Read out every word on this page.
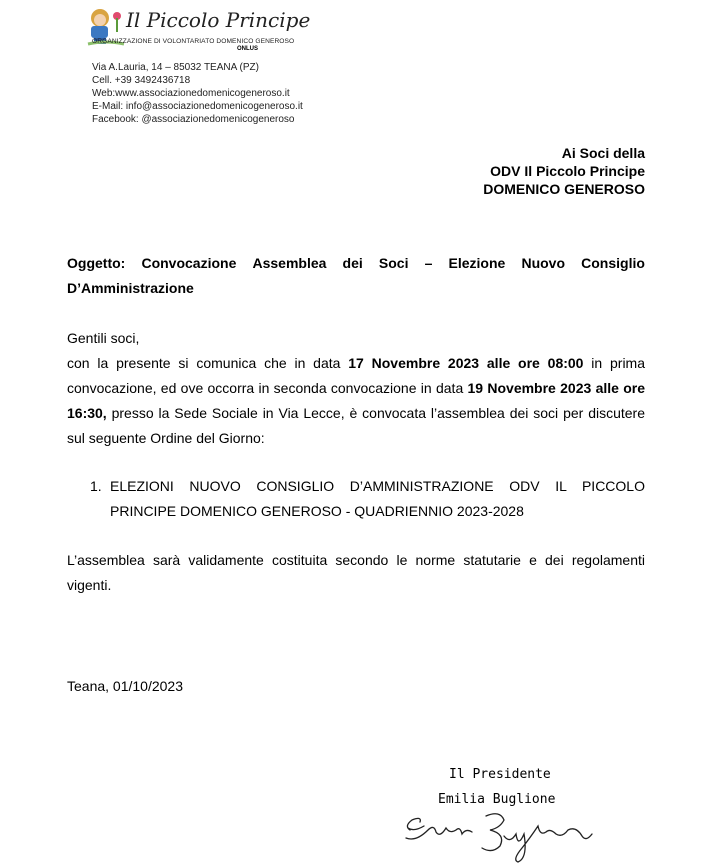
Il Piccolo Principe
ORGANIZZAZIONE DI VOLONTARIATO DOMENICO GENEROSO
ONLUS
Via A.Lauria, 14 – 85032 TEANA (PZ)
Cell. +39 3492436718
Web:www.associazionedomenicogeneroso.it
E-Mail: info@associazionedomenicogeneroso.it
Facebook: @associazionedomenicogeneroso
Ai Soci della
ODV Il Piccolo Principe
DOMENICO GENEROSO
Oggetto: Convocazione Assemblea dei Soci – Elezione Nuovo Consiglio
D’Amministrazione
Gentili soci,
con la presente si comunica che in data 17 Novembre 2023 alle ore 08:00 in prima convocazione, ed ove occorra in seconda convocazione in data 19 Novembre 2023 alle ore 16:30, presso la Sede Sociale in Via Lecce, è convocata l’assemblea dei soci per discutere sul seguente Ordine del Giorno:
1. ELEZIONI NUOVO CONSIGLIO D’AMMINISTRAZIONE ODV IL PICCOLO
PRINCIPE DOMENICO GENEROSO - QUADRIENNIO 2023-2028
L’assemblea sarà validamente costituita secondo le norme statutarie e dei regolamenti vigenti.
Teana, 01/10/2023
Il Presidente
Emilia Buglione
